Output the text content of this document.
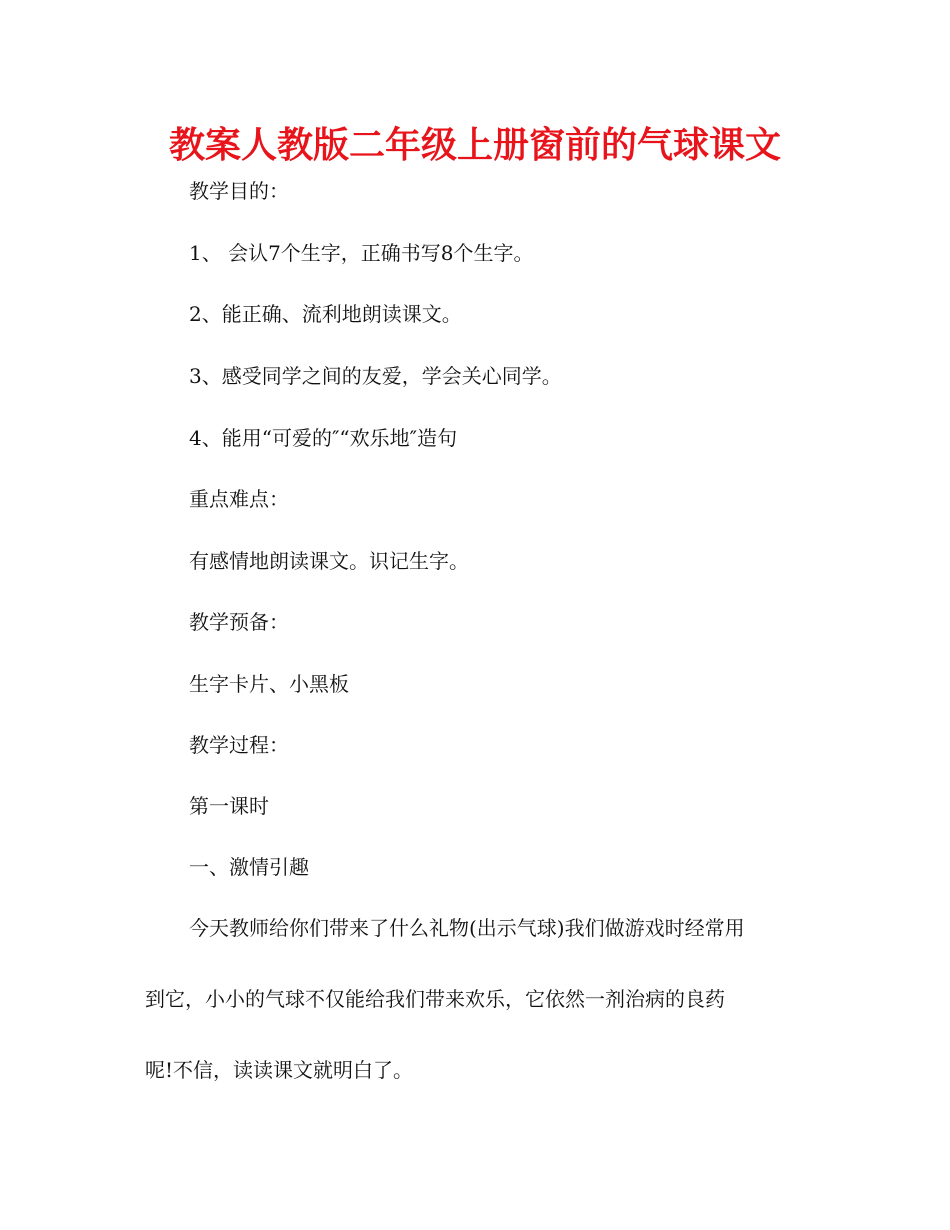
教案人教版二年级上册窗前的气球课文

教学目的：

1、 会认7个生字，正确书写8个生字。

2、能正确、流利地朗读课文。

3、感受同学之间的友爱，学会关心同学。

4、能用“可爱的″“欢乐地″造句

重点难点：

有感情地朗读课文。识记生字。

教学预备：

生字卡片、小黑板

教学过程：

第一课时

一、激情引趣

今天教师给你们带来了什么礼物(出示气球)我们做游戏时经常用

到它，小小的气球不仅能给我们带来欢乐，它依然一剂治病的良药

呢!不信，读读课文就明白了。
